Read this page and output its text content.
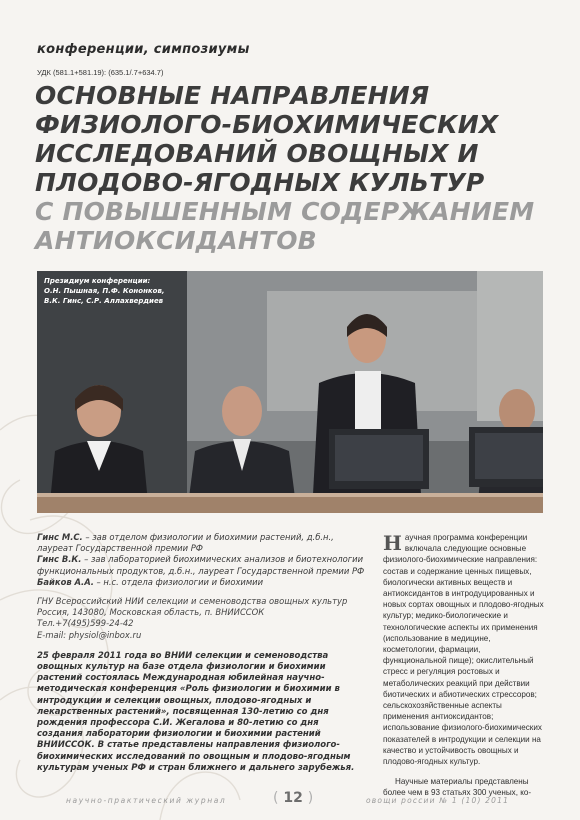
конференции, симпозиумы
УДК (581.1+581.19): (635.1/.7+634.7)
ОСНОВНЫЕ НАПРАВЛЕНИЯ
ФИЗИОЛОГО-БИОХИМИЧЕСКИХ
ИССЛЕДОВАНИЙ ОВОЩНЫХ И
ПЛОДОВО-ЯГОДНЫХ КУЛЬТУР
С ПОВЫШЕННЫМ СОДЕРЖАНИЕМ
АНТИОКСИДАНТОВ
Президиум конференции:
О.Н. Пышная, П.Ф. Кононков,
В.К. Гинс, С.Р. Аллахвердиев

Гинс М.С. – зав отделом физиологии и биохимии растений, д.б.н., лауреат Государственной премии РФ
Гинс В.К. – зав лабораторией биохимических анализов и биотехнологии функциональных продуктов, д.б.н., лауреат Государственной премии РФ
Байков А.А. – н.с. отдела физиологии и биохимии

ГНУ Всероссийский НИИ селекции и семеноводства овощных культур
Россия, 143080, Московская область, п. ВНИИССОК
Тел.+7(495)599-24-42
E-mail: physiol@inbox.ru

25 февраля 2011 года во ВНИИ селекции и семеноводства овощных культур на базе отдела физиологии и биохимии растений состоялась Международная юбилейная научно-методическая конференция «Роль физиологии и биохимии в интродукции и селекции овощных, плодово-ягодных и лекарственных растений», посвященная 130-летию со дня рождения профессора С.И. Жегалова и 80-летию со дня создания лаборатории физиологии и биохимии растений ВНИИССОК. В статье представлены направления физиолого-биохимических исследований по овощным и плодово-ягодным культурам ученых РФ и стран ближнего и дальнего зарубежья.

Научная программа конференции включала следующие основные физиолого-биохимические направления: состав и содержание ценных пищевых, биологически активных веществ и антиоксидантов в интродуцированных и новых сортах овощных и плодово-ягодных культур; медико-биологические и технологические аспекты их применения (использование в медицине, косметологии, фармации, функциональной пище); окислительный стресс и регуляция ростовых и метаболических реакций при действии биотических и абиотических стрессоров; сельскохозяйственные аспекты применения антиоксидантов; использование физиолого-биохимических показателей в интродукции и селекции на качество и устойчивость овощных и плодово-ягодных культур.

Научные материалы представлены более чем в 93 статьях 300 ученых, ко-

научно-практический журнал	( 12 )	овощи россии № 1 (10) 2011
